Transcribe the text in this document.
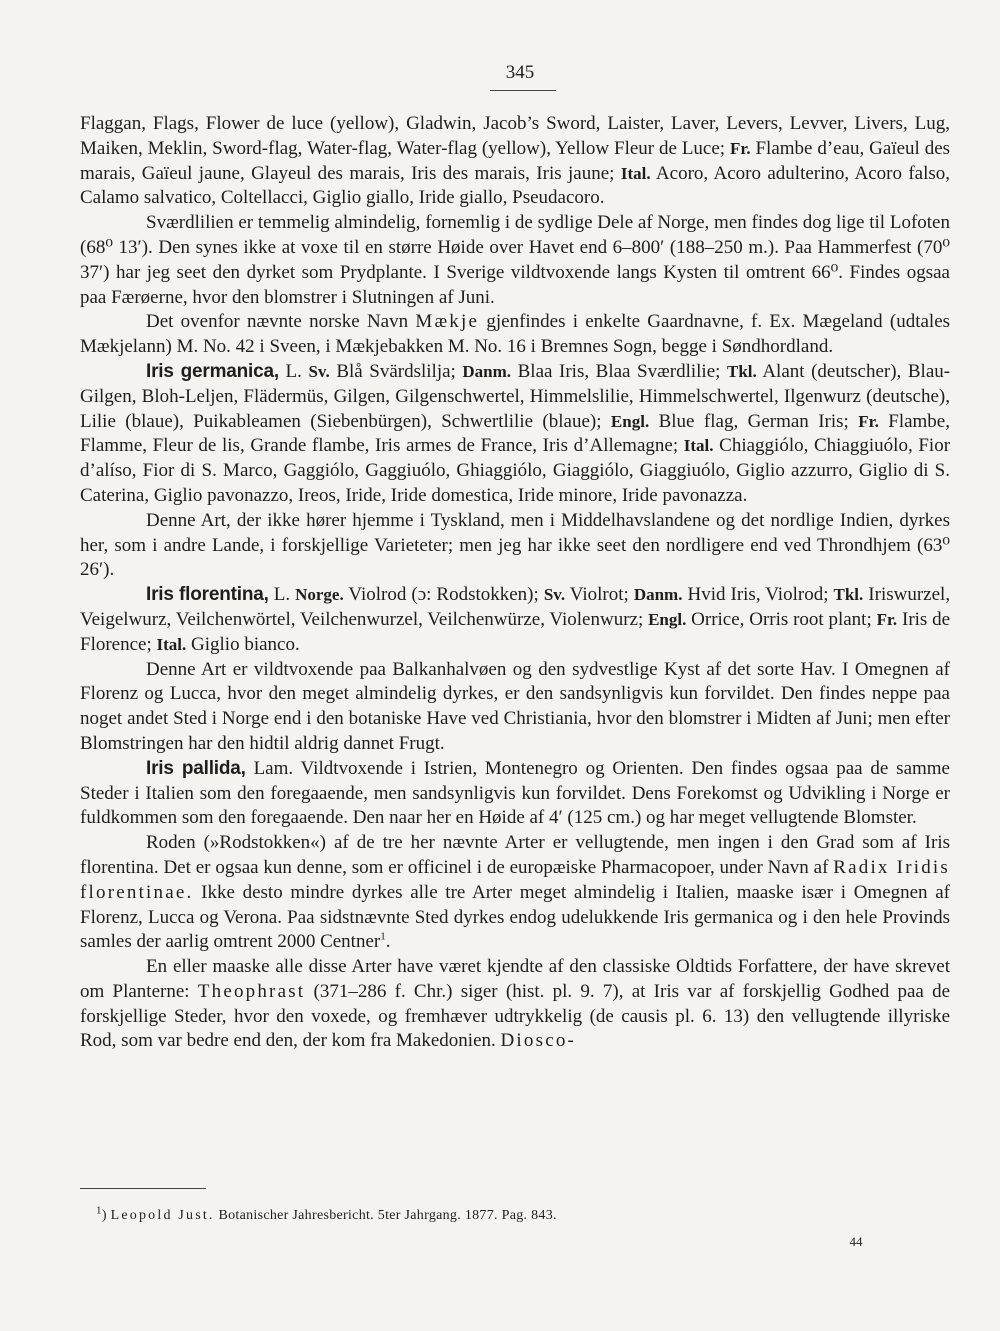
345

Flaggan, Flags, Flower de luce (yellow), Gladwin, Jacob’s Sword, Laister, Laver, Levers, Levver, Livers, Lug, Maiken, Meklin, Sword-flag, Water-flag, Water-flag (yellow), Yellow Fleur de Luce; Fr. Flambe d’eau, Gaïeul des marais, Gaïeul jaune, Glayeul des marais, Iris des marais, Iris jaune; Ital. Acoro, Acoro adulterino, Acoro falso, Calamo salvatico, Coltellacci, Giglio giallo, Iride giallo, Pseudacoro.

Sværdlilien er temmelig almindelig, fornemlig i de sydlige Dele af Norge, men findes dog lige til Lofoten (68⁰ 13′). Den synes ikke at voxe til en større Høide over Havet end 6–800′ (188–250 m.). Paa Hammerfest (70⁰ 37′) har jeg seet den dyrket som Prydplante. I Sverige vildtvoxende langs Kysten til omtrent 66⁰. Findes ogsaa paa Færøerne, hvor den blomstrer i Slutningen af Juni.

Det ovenfor nævnte norske Navn Mækje gjenfindes i enkelte Gaardnavne, f. Ex. Mægeland (udtales Mækjelann) M. No. 42 i Sveen, i Mækjebakken M. No. 16 i Bremnes Sogn, begge i Søndhordland.

Iris germanica, L. Sv. Blå Svärdslilja; Danm. Blaa Iris, Blaa Sværdlilie; Tkl. Alant (deutscher), Blau-Gilgen, Bloh-Leljen, Flädermüs, Gilgen, Gilgenschwertel, Himmelslilie, Himmelschwertel, Ilgenwurz (deutsche), Lilie (blaue), Puikableamen (Siebenbürgen), Schwertlilie (blaue); Engl. Blue flag, German Iris; Fr. Flambe, Flamme, Fleur de lis, Grande flambe, Iris armes de France, Iris d’Allemagne; Ital. Chiaggiólo, Chiaggiuólo, Fior d’alíso, Fior di S. Marco, Gaggiólo, Gaggiuólo, Ghiaggiólo, Giaggiólo, Giaggiuólo, Giglio azzurro, Giglio di S. Caterina, Giglio pavonazzo, Ireos, Iride, Iride domestica, Iride minore, Iride pavonazza.

Denne Art, der ikke hører hjemme i Tyskland, men i Middelhavslandene og det nordlige Indien, dyrkes her, som i andre Lande, i forskjellige Varieteter; men jeg har ikke seet den nordligere end ved Throndhjem (63⁰ 26′).

Iris florentina, L. Norge. Violrod (ɔ: Rodstokken); Sv. Violrot; Danm. Hvid Iris, Violrod; Tkl. Iriswurzel, Veigelwurz, Veilchenwörtel, Veilchenwurzel, Veilchenwürze, Violenwurz; Engl. Orrice, Orris root plant; Fr. Iris de Florence; Ital. Giglio bianco.

Denne Art er vildtvoxende paa Balkanhalvøen og den sydvestlige Kyst af det sorte Hav. I Omegnen af Florenz og Lucca, hvor den meget almindelig dyrkes, er den sandsynligvis kun forvildet. Den findes neppe paa noget andet Sted i Norge end i den botaniske Have ved Christiania, hvor den blomstrer i Midten af Juni; men efter Blomstringen har den hidtil aldrig dannet Frugt.

Iris pallida, Lam. Vildtvoxende i Istrien, Montenegro og Orienten. Den findes ogsaa paa de samme Steder i Italien som den foregaaende, men sandsynligvis kun forvildet. Dens Forekomst og Udvikling i Norge er fuldkommen som den foregaaende. Den naar her en Høide af 4′ (125 cm.) og har meget vellugtende Blomster.

Roden (»Rodstokken«) af de tre her nævnte Arter er vellugtende, men ingen i den Grad som af Iris florentina. Det er ogsaa kun denne, som er officinel i de europæiske Pharmacopoer, under Navn af Radix Iridis florentinae. Ikke desto mindre dyrkes alle tre Arter meget almindelig i Italien, maaske især i Omegnen af Florenz, Lucca og Verona. Paa sidstnævnte Sted dyrkes endog udelukkende Iris germanica og i den hele Provinds samles der aarlig omtrent 2000 Centner$^1$.

En eller maaske alle disse Arter have været kjendte af den classiske Oldtids Forfattere, der have skrevet om Planterne: Theophrast (371–286 f. Chr.) siger (hist. pl. 9. 7), at Iris var af forskjellig Godhed paa de forskjellige Steder, hvor den voxede, og fremhæver udtrykkelig (de causis pl. 6. 13) den vellugtende illyriske Rod, som var bedre end den, der kom fra Makedonien. Diosco-

$^1$) Leopold Just. Botanischer Jahresbericht. 5ter Jahrgang. 1877. Pag. 843.
44
